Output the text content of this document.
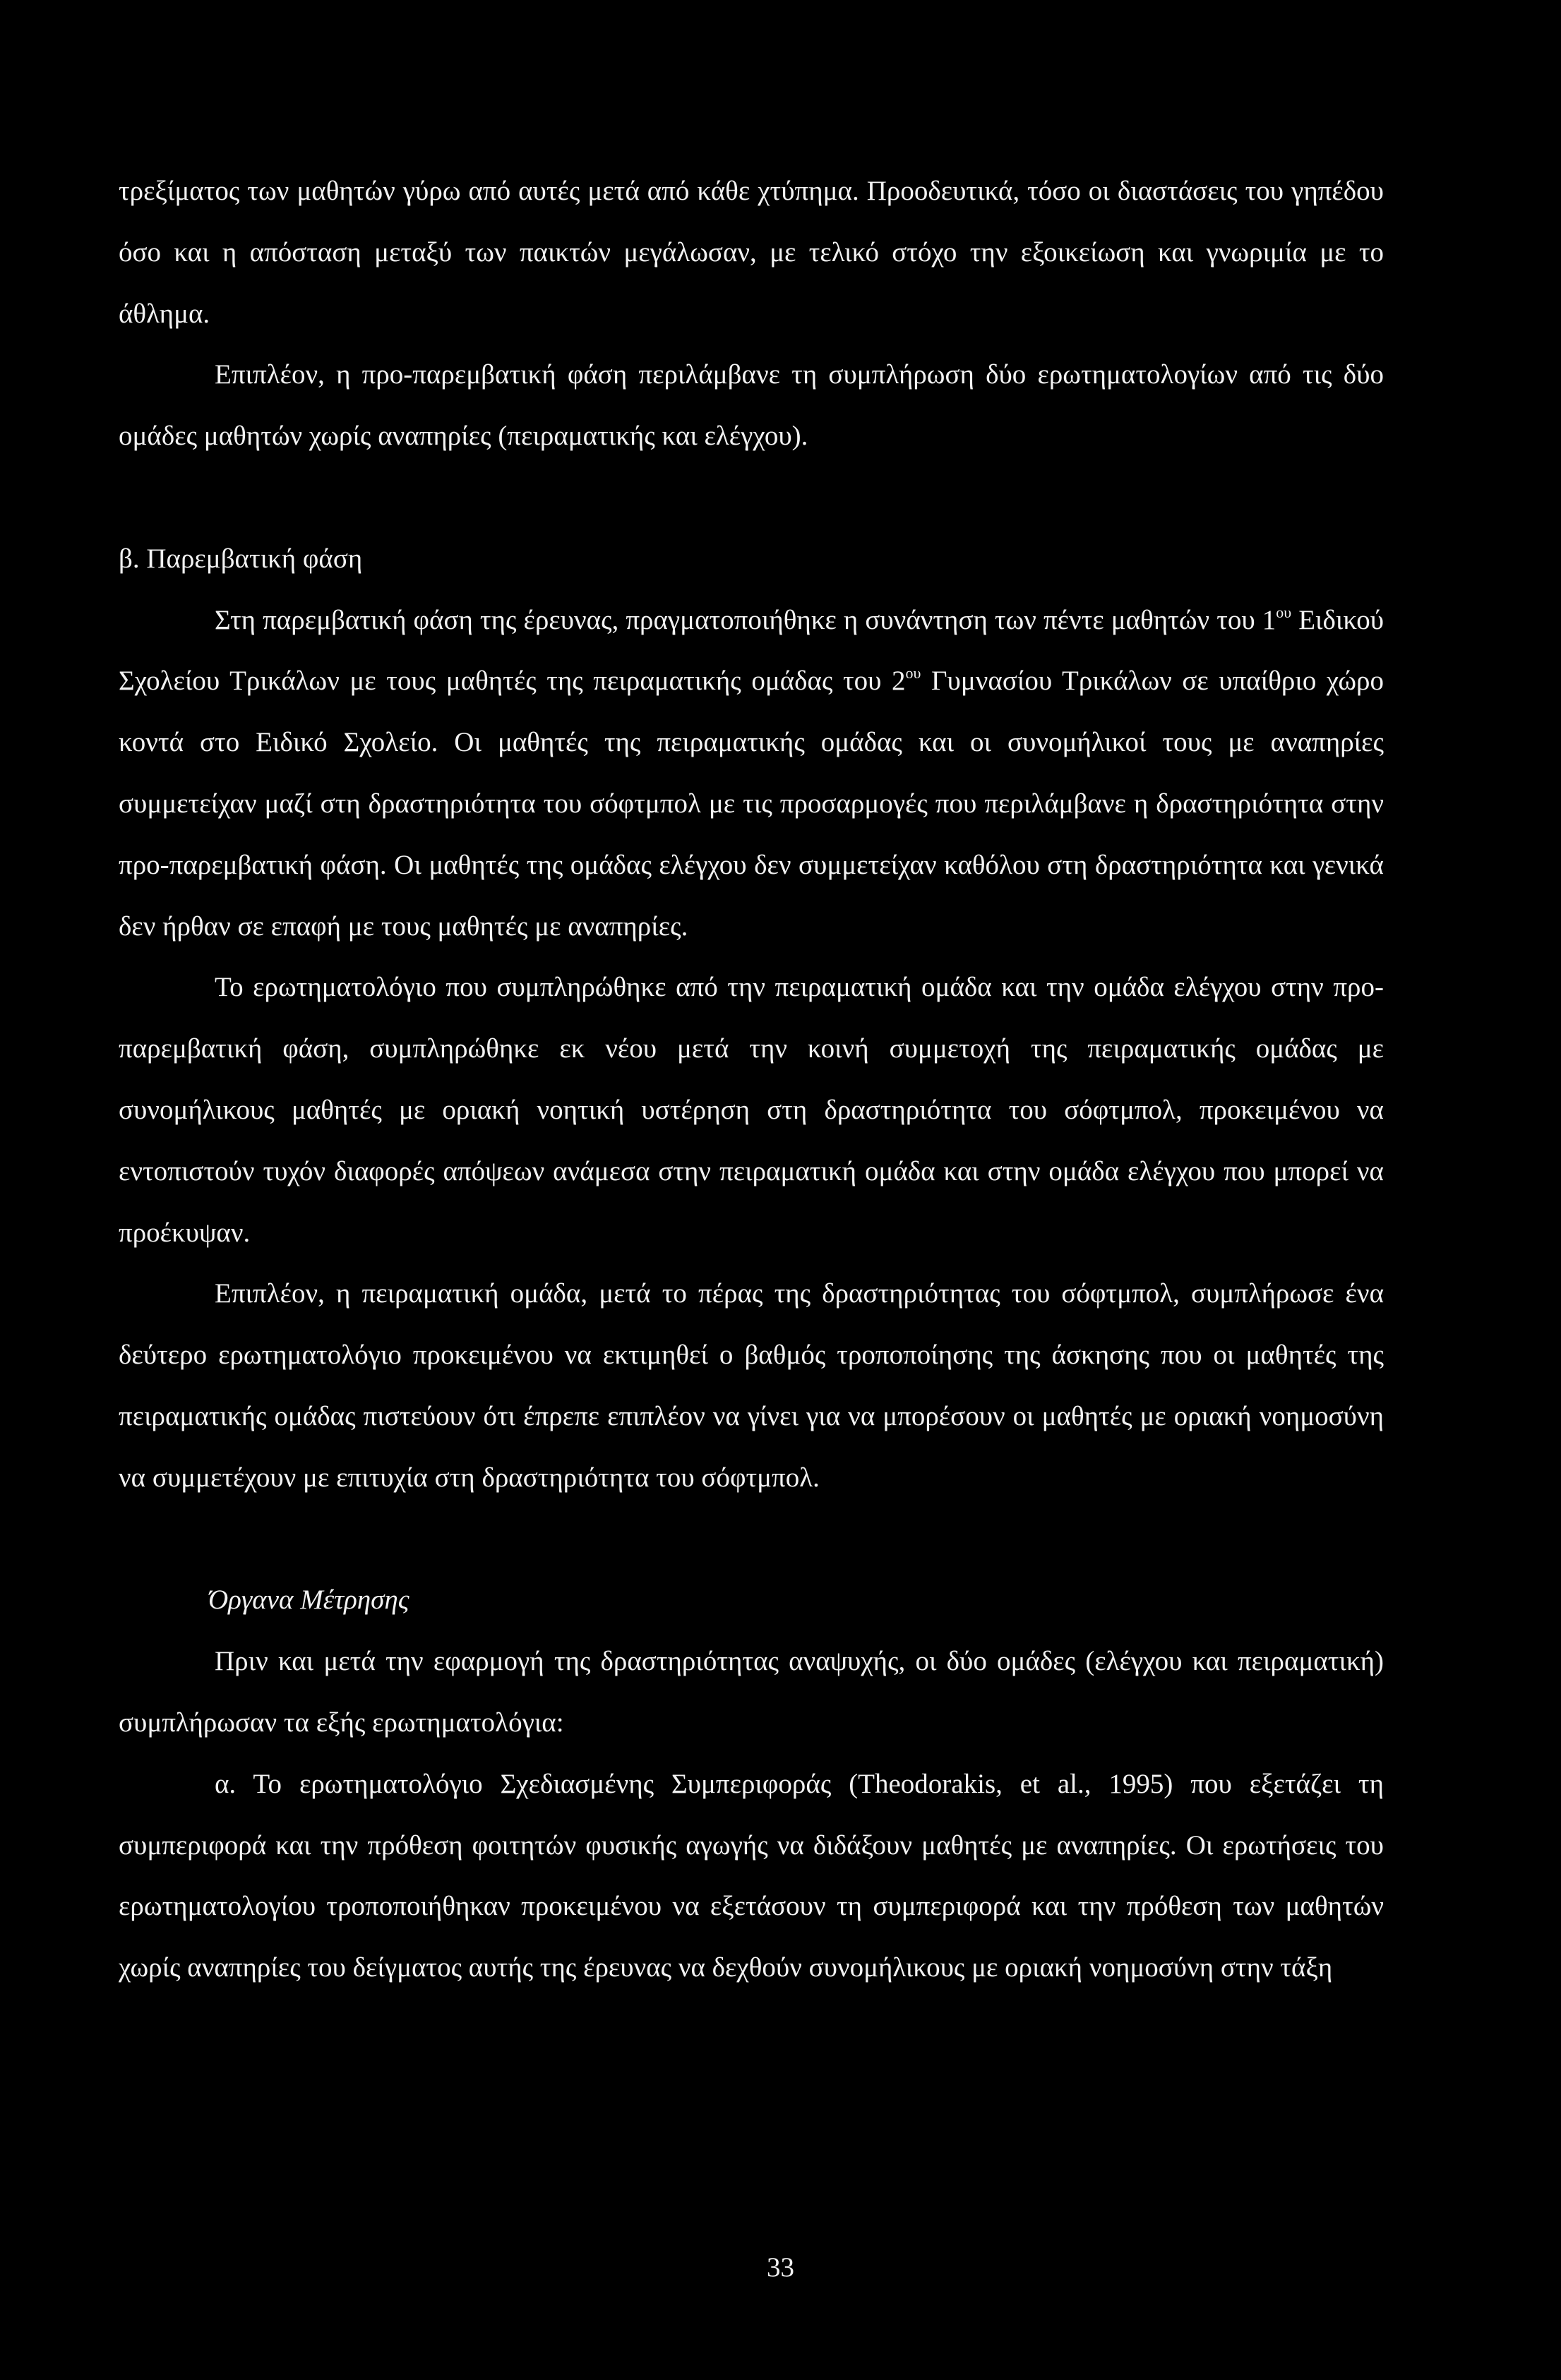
τρεξίματος των μαθητών γύρω από αυτές μετά από κάθε χτύπημα. Προοδευτικά, τόσο οι διαστάσεις του γηπέδου όσο και η απόσταση μεταξύ των παικτών μεγάλωσαν, με τελικό στόχο την εξοικείωση και γνωριμία με το άθλημα.

Επιπλέον, η προ-παρεμβατική φάση περιλάμβανε τη συμπλήρωση δύο ερωτηματολογίων από τις δύο ομάδες μαθητών χωρίς αναπηρίες (πειραματικής και ελέγχου).

β. Παρεμβατική φάση

Στη παρεμβατική φάση της έρευνας, πραγματοποιήθηκε η συνάντηση των πέντε μαθητών του $1^{o\upsilon}$ Ειδικού Σχολείου Τρικάλων με τους μαθητές της πειραματικής ομάδας του $2^{o\upsilon}$ Γυμνασίου Τρικάλων σε υπαίθριο χώρο κοντά στο Ειδικό Σχολείο. Οι μαθητές της πειραματικής ομάδας και οι συνομήλικοί τους με αναπηρίες συμμετείχαν μαζί στη δραστηριότητα του σόφτμπολ με τις προσαρμογές που περιλάμβανε η δραστηριότητα στην προ-παρεμβατική φάση. Οι μαθητές της ομάδας ελέγχου δεν συμμετείχαν καθόλου στη δραστηριότητα και γενικά δεν ήρθαν σε επαφή με τους μαθητές με αναπηρίες.

Το ερωτηματολόγιο που συμπληρώθηκε από την πειραματική ομάδα και την ομάδα ελέγχου στην προ-παρεμβατική φάση, συμπληρώθηκε εκ νέου μετά την κοινή συμμετοχή της πειραματικής ομάδας με συνομήλικους μαθητές με οριακή νοητική υστέρηση στη δραστηριότητα του σόφτμπολ, προκειμένου να εντοπιστούν τυχόν διαφορές απόψεων ανάμεσα στην πειραματική ομάδα και στην ομάδα ελέγχου που μπορεί να προέκυψαν.

Επιπλέον, η πειραματική ομάδα, μετά το πέρας της δραστηριότητας του σόφτμπολ, συμπλήρωσε ένα δεύτερο ερωτηματολόγιο προκειμένου να εκτιμηθεί ο βαθμός τροποποίησης της άσκησης που οι μαθητές της πειραματικής ομάδας πιστεύουν ότι έπρεπε επιπλέον να γίνει για να μπορέσουν οι μαθητές με οριακή νοημοσύνη να συμμετέχουν με επιτυχία στη δραστηριότητα του σόφτμπολ.

Όργανα Μέτρησης

Πριν και μετά την εφαρμογή της δραστηριότητας αναψυχής, οι δύο ομάδες (ελέγχου και πειραματική) συμπλήρωσαν τα εξής ερωτηματολόγια:

α. Το ερωτηματολόγιο Σχεδιασμένης Συμπεριφοράς (Theodorakis, et al., 1995) που εξετάζει τη συμπεριφορά και την πρόθεση φοιτητών φυσικής αγωγής να διδάξουν μαθητές με αναπηρίες. Οι ερωτήσεις του ερωτηματολογίου τροποποιήθηκαν προκειμένου να εξετάσουν τη συμπεριφορά και την πρόθεση των μαθητών χωρίς αναπηρίες του δείγματος αυτής της έρευνας να δεχθούν συνομήλικους με οριακή νοημοσύνη στην τάξη

33
